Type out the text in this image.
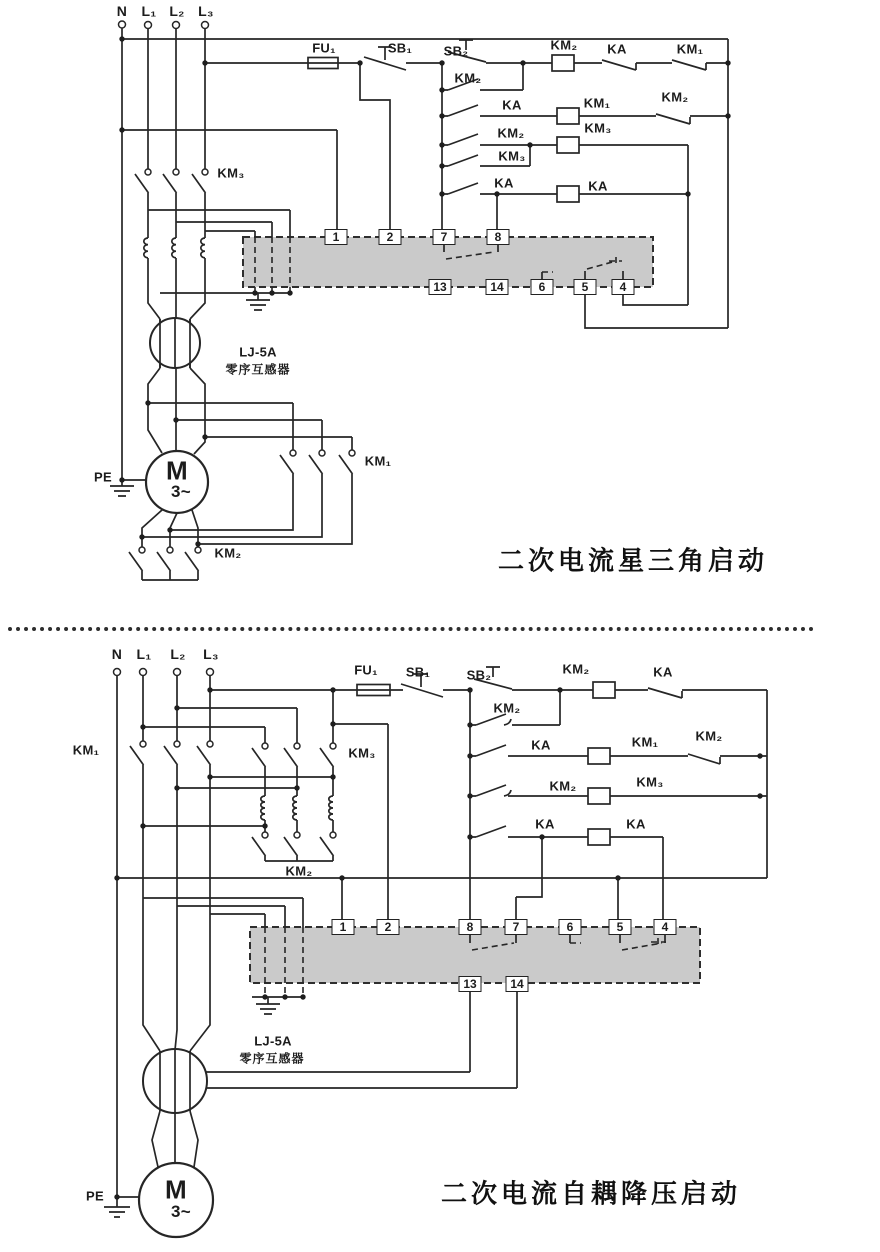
N L₁ L₂ L₃
KM₃
FU₁	SB₁ SB₂	KM₂ KA	KM₁
KM₂
KA	KM₁	KM₂
KM₂	KM₃
KM₃
KA	KA
LJ-5A
零序互感器
PE M
3~
KM₁
KM₂	二次电流星三角启动
1	2	7	8
13	14	6	5	4
N L₁ L₂ L₃
KM₁	KM₃
FU₁ SB₁	SB₂
KM₂
KM₂	KA
KA	KM₁	KM₂
KM₂	KM₃
KA	KA
KM₂
LJ-5A
零序互感器
PE M
3~
二次电流自耦降压启动
1	2	8	7	6	5	4
13	14
